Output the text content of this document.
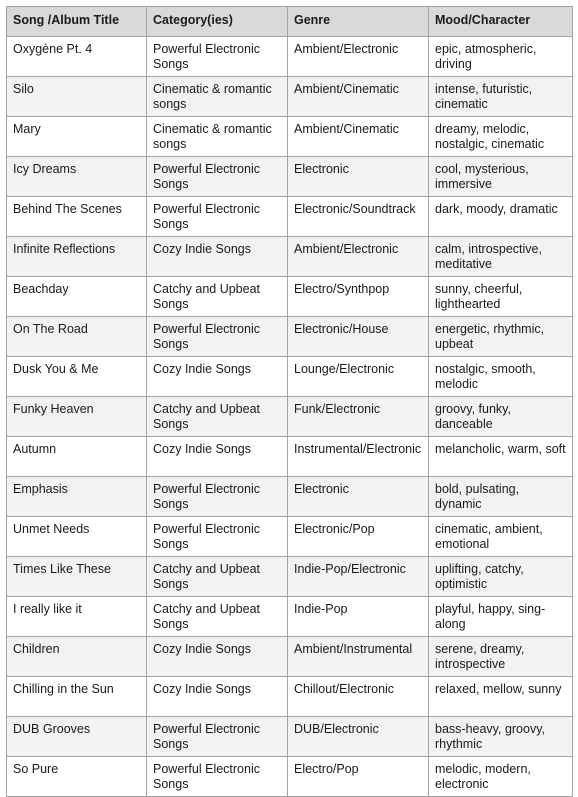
Song /Album Title	Category(ies)	Genre	Mood/Character
Oxygène Pt. 4	Powerful Electronic Songs	Ambient/Electronic	epic, atmospheric, driving
Silo	Cinematic & romantic songs	Ambient/Cinematic	intense, futuristic, cinematic
Mary	Cinematic & romantic songs	Ambient/Cinematic	dreamy, melodic, nostalgic, cinematic
Icy Dreams	Powerful Electronic Songs	Electronic	cool, mysterious, immersive
Behind The Scenes	Powerful Electronic Songs	Electronic/Soundtrack	dark, moody, dramatic
Infinite Reflections	Cozy Indie Songs	Ambient/Electronic	calm, introspective, meditative
Beachday	Catchy and Upbeat Songs	Electro/Synthpop	sunny, cheerful, lighthearted
On The Road	Powerful Electronic Songs	Electronic/House	energetic, rhythmic, upbeat
Dusk You & Me	Cozy Indie Songs	Lounge/Electronic	nostalgic, smooth, melodic
Funky Heaven	Catchy and Upbeat Songs	Funk/Electronic	groovy, funky, danceable
Autumn	Cozy Indie Songs	Instrumental/Electronic	melancholic, warm, soft
Emphasis	Powerful Electronic Songs	Electronic	bold, pulsating, dynamic
Unmet Needs	Powerful Electronic Songs	Electronic/Pop	cinematic, ambient, emotional
Times Like These	Catchy and Upbeat Songs	Indie-Pop/Electronic	uplifting, catchy, optimistic
I really like it	Catchy and Upbeat Songs	Indie-Pop	playful, happy, sing-along
Children	Cozy Indie Songs	Ambient/Instrumental	serene, dreamy, introspective
Chilling in the Sun	Cozy Indie Songs	Chillout/Electronic	relaxed, mellow, sunny
DUB Grooves	Powerful Electronic Songs	DUB/Electronic	bass-heavy, groovy, rhythmic
So Pure	Powerful Electronic Songs	Electro/Pop	melodic, modern, electronic
